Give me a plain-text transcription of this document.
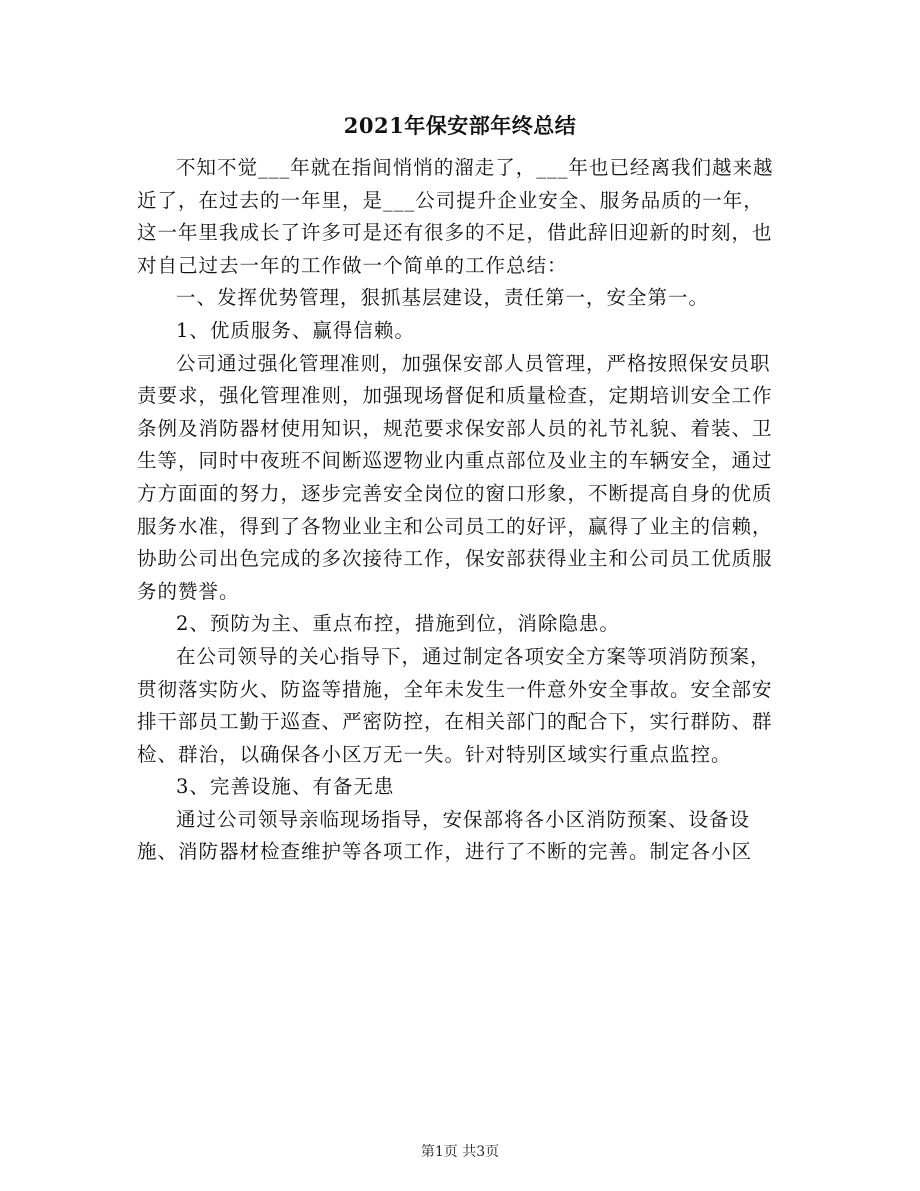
2021年保安部年终总结

不知不觉___年就在指间悄悄的溜走了，___年也已经离我们越来越近了，在过去的一年里，是___公司提升企业安全、服务品质的一年，这一年里我成长了许多可是还有很多的不足，借此辞旧迎新的时刻，也对自己过去一年的工作做一个简单的工作总结：

一、发挥优势管理，狠抓基层建设，责任第一，安全第一。

1、优质服务、赢得信赖。

公司通过强化管理准则，加强保安部人员管理，严格按照保安员职责要求，强化管理准则，加强现场督促和质量检查，定期培训安全工作条例及消防器材使用知识，规范要求保安部人员的礼节礼貌、着装、卫生等，同时中夜班不间断巡逻物业内重点部位及业主的车辆安全，通过方方面面的努力，逐步完善安全岗位的窗口形象，不断提高自身的优质服务水准，得到了各物业业主和公司员工的好评，赢得了业主的信赖，协助公司出色完成的多次接待工作，保安部获得业主和公司员工优质服务的赞誉。

2、预防为主、重点布控，措施到位，消除隐患。

在公司领导的关心指导下，通过制定各项安全方案等项消防预案，贯彻落实防火、防盗等措施，全年未发生一件意外安全事故。安全部安排干部员工勤于巡查、严密防控，在相关部门的配合下，实行群防、群检、群治，以确保各小区万无一失。针对特别区域实行重点监控。

3、完善设施、有备无患

通过公司领导亲临现场指导，安保部将各小区消防预案、设备设施、消防器材检查维护等各项工作，进行了不断的完善。制定各小区

第1页 共3页
